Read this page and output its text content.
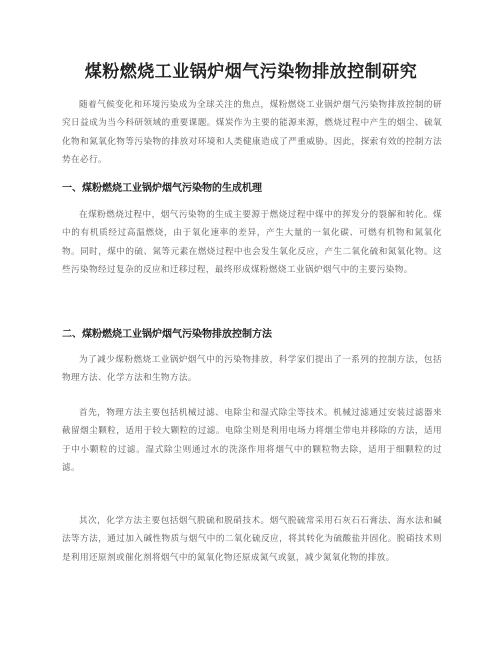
煤粉燃烧工业锅炉烟气污染物排放控制研究

随着气候变化和环境污染成为全球关注的焦点，煤粉燃烧工业锅炉烟气污染物排放控制的研究日益成为当今科研领域的重要课题。煤炭作为主要的能源来源，燃烧过程中产生的烟尘、硫氧化物和氮氧化物等污染物的排放对环境和人类健康造成了严重威胁。因此，探索有效的控制方法势在必行。

一、煤粉燃烧工业锅炉烟气污染物的生成机理

在煤粉燃烧过程中，烟气污染物的生成主要源于燃烧过程中煤中的挥发分的裂解和转化。煤中的有机质经过高温燃烧，由于氧化速率的差异，产生大量的一氧化碳、可燃有机物和氮氧化物。同时，煤中的硫、氮等元素在燃烧过程中也会发生氧化反应，产生二氧化硫和氮氧化物。这些污染物经过复杂的反应和迁移过程，最终形成煤粉燃烧工业锅炉烟气中的主要污染物。

二、煤粉燃烧工业锅炉烟气污染物排放控制方法

为了减少煤粉燃烧工业锅炉烟气中的污染物排放，科学家们提出了一系列的控制方法，包括物理方法、化学方法和生物方法。

首先，物理方法主要包括机械过滤、电除尘和湿式除尘等技术。机械过滤通过安装过滤器来截留烟尘颗粒，适用于较大颗粒的过滤。电除尘则是利用电场力将烟尘带电并移除的方法，适用于中小颗粒的过滤。湿式除尘则通过水的洗涤作用将烟气中的颗粒物去除，适用于细颗粒的过滤。

其次，化学方法主要包括烟气脱硫和脱硝技术。烟气脱硫常采用石灰石石膏法、海水法和碱法等方法，通过加入碱性物质与烟气中的二氧化硫反应，将其转化为硫酸盐并固化。脱硝技术则是利用还原剂或催化剂将烟气中的氮氧化物还原成氮气或氨，减少氮氧化物的排放。
